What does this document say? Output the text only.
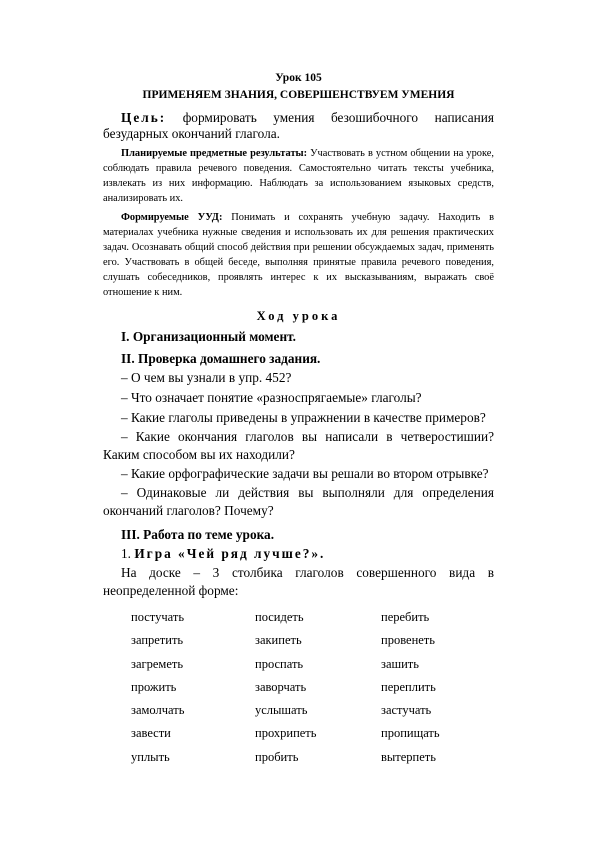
Урок 105
ПРИМЕНЯЕМ ЗНАНИЯ, СОВЕРШЕНСТВУЕМ УМЕНИЯ
Цель: формировать умения безошибочного написания безударных окончаний глагола.
Планируемые предметные результаты: Участвовать в устном общении на уроке, соблюдать правила речевого поведения. Самостоятельно читать тексты учебника, извлекать из них информацию. Наблюдать за использованием языковых средств, анализировать их.
Формируемые УУД: Понимать и сохранять учебную задачу. Находить в материалах учебника нужные сведения и использовать их для решения практических задач. Осознавать общий способ действия при решении обсуждаемых задач, применять его. Участвовать в общей беседе, выполняя принятые правила речевого поведения, слушать собеседников, проявлять интерес к их высказываниям, выражать своё отношение к ним.
Ход урока
I. Организационный момент.
II. Проверка домашнего задания.
– О чем вы узнали в упр. 452?
– Что означает понятие «разноспрягаемые» глаголы?
– Какие глаголы приведены в упражнении в качестве примеров?
– Какие окончания глаголов вы написали в четверостишии? Каким способом вы их находили?
– Какие орфографические задачи вы решали во втором отрывке?
– Одинаковые ли действия вы выполняли для определения окончаний глаголов? Почему?
III. Работа по теме урока.
1. Игра «Чей ряд лучше?».
На доске – 3 столбика глаголов совершенного вида в неопределенной форме:
постучать
запретить
загреметь
прожить
замолчать
завести
уплыть
посидеть
закипеть
проспать
заворчать
услышать
прохрипеть
пробить
перебить
провенеть
зашить
переплить
застучать
пропищать
вытерпеть
